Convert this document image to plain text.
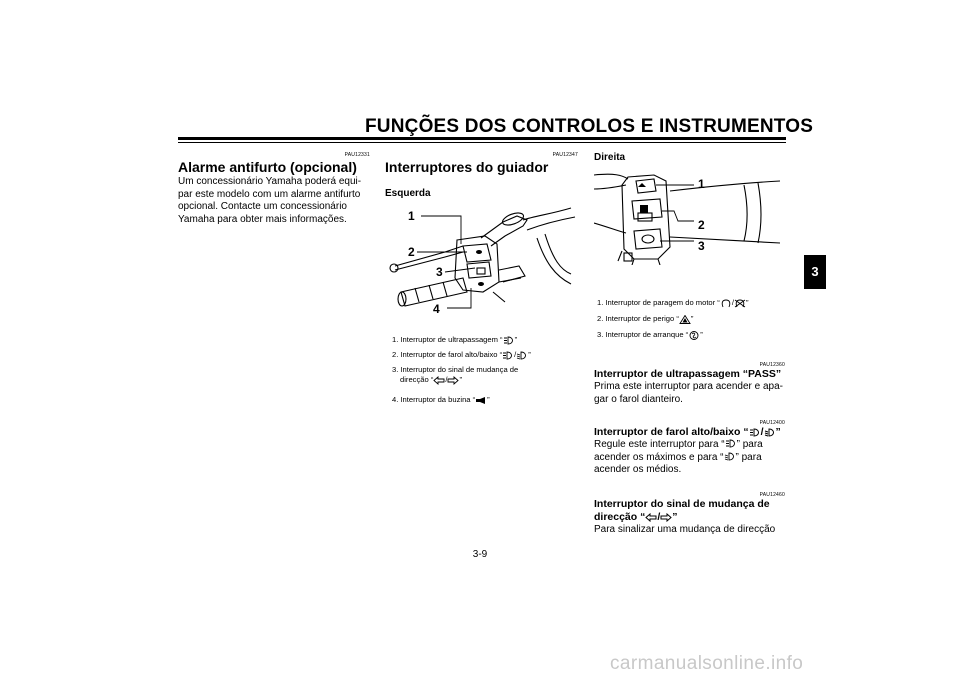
FUNÇÕES DOS CONTROLOS E INSTRUMENTOS
3
PAU12331
Alarme antifurto (opcional)
Um concessionário Yamaha poderá equi-
par este modelo com um alarme antifurto
opcional. Contacte um concessionário
Yamaha para obter mais informações.
PAU12347
Interruptores do guiador
Esquerda
1
2
3
4
1. Interruptor de ultrapassagem “ ”
2. Interruptor de farol alto/baixo “ / ”
3. Interruptor do sinal de mudança de
direcção “ / ”
4. Interruptor da buzina “ ”
Direita
1
2
3
1. Interruptor de paragem do motor “ / ”
2. Interruptor de perigo “ ”
3. Interruptor de arranque “ ”
PAU12360
Interruptor de ultrapassagem “PASS”
Prima este interruptor para acender e apa-
gar o farol dianteiro.
PAU12400
Interruptor de farol alto/baixo “ / ”
Regule este interruptor para “ ” para
acender os máximos e para “ ” para
acender os médios.
PAU12460
Interruptor do sinal de mudança de
direcção “ / ”
Para sinalizar uma mudança de direcção
3-9
carmanualsonline.info
